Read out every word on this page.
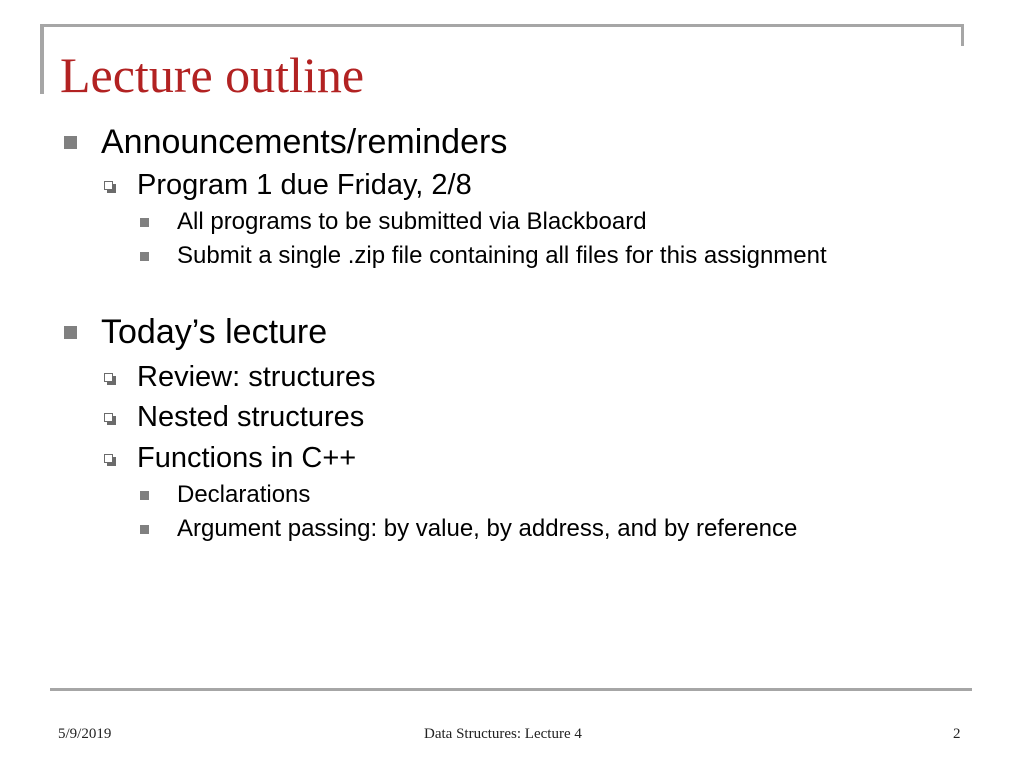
Lecture outline
Announcements/reminders
Program 1 due Friday, 2/8
All programs to be submitted via Blackboard
Submit a single .zip file containing all files for this assignment
Today’s lecture
Review: structures
Nested structures
Functions in C++
Declarations
Argument passing: by value, by address, and by reference
5/9/2019	Data Structures: Lecture 4	2
